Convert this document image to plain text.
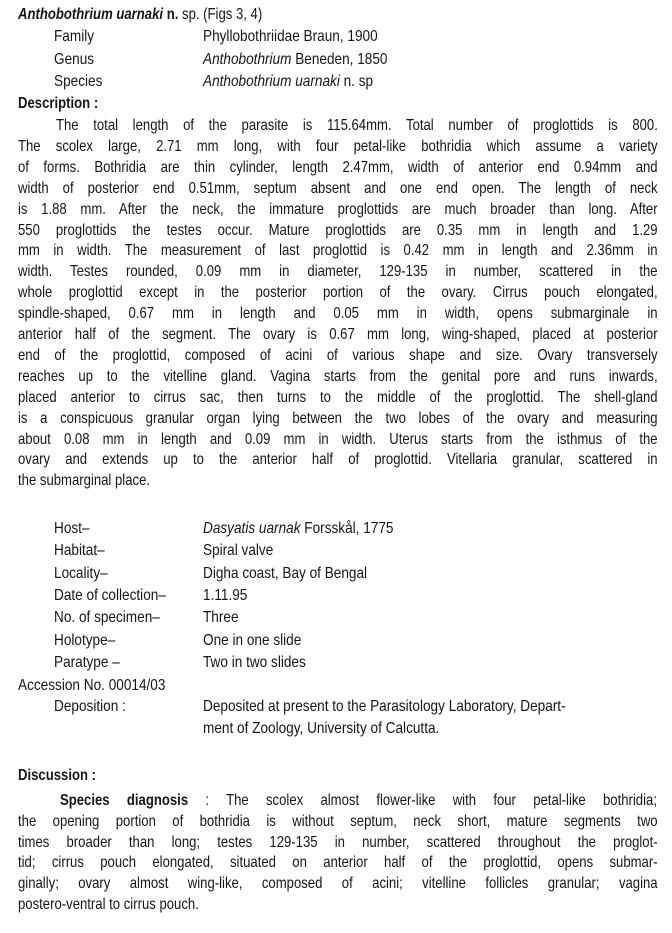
Anthobothrium uarnaki n. sp. (Figs 3, 4)
Family	Phyllobothriidae Braun, 1900
Genus	Anthobothrium Beneden, 1850
Species	Anthobothrium uarnaki n. sp
Description :
The total length of the parasite is 115.64mm. Total number of proglottids is 800.
The scolex large, 2.71 mm long, with four petal-like bothridia which assume a variety
of forms. Bothridia are thin cylinder, length 2.47mm, width of anterior end 0.94mm and
width of posterior end 0.51mm, septum absent and one end open. The length of neck
is 1.88 mm. After the neck, the immature proglottids are much broader than long. After
550 proglottids the testes occur. Mature proglottids are 0.35 mm in length and 1.29
mm in width. The measurement of last proglottid is 0.42 mm in length and 2.36mm in
width. Testes rounded, 0.09 mm in diameter, 129-135 in number, scattered in the
whole proglottid except in the posterior portion of the ovary. Cirrus pouch elongated,
spindle-shaped, 0.67 mm in length and 0.05 mm in width, opens submarginale in
anterior half of the segment. The ovary is 0.67 mm long, wing-shaped, placed at posterior
end of the proglottid, composed of acini of various shape and size. Ovary transversely
reaches up to the vitelline gland. Vagina starts from the genital pore and runs inwards,
placed anterior to cirrus sac, then turns to the middle of the proglottid. The shell-gland
is a conspicuous granular organ lying between the two lobes of the ovary and measuring
about 0.08 mm in length and 0.09 mm in width. Uterus starts from the isthmus of the
ovary and extends up to the anterior half of proglottid. Vitellaria granular, scattered in
the submarginal place.
Host–	Dasyatis uarnak Forsskål, 1775
Habitat–	Spiral valve
Locality–	Digha coast, Bay of Bengal
Date of collection– 1.11.95
No. of specimen–	Three
Holotype–	One in one slide
Paratype –	Two in two slides
Accession No. 00014/03
Deposition :	Deposited at present to the Parasitology Laboratory, Depart-
ment of Zoology, University of Calcutta.
Discussion :
Species diagnosis : The scolex almost flower-like with four petal-like bothridia;
the opening portion of bothridia is without septum, neck short, mature segments two
times broader than long; testes 129-135 in number, scattered throughout the proglot-
tid; cirrus pouch elongated, situated on anterior half of the proglottid, opens submar-
ginally; ovary almost wing-like, composed of acini; vitelline follicles granular; vagina
postero-ventral to cirrus pouch.
